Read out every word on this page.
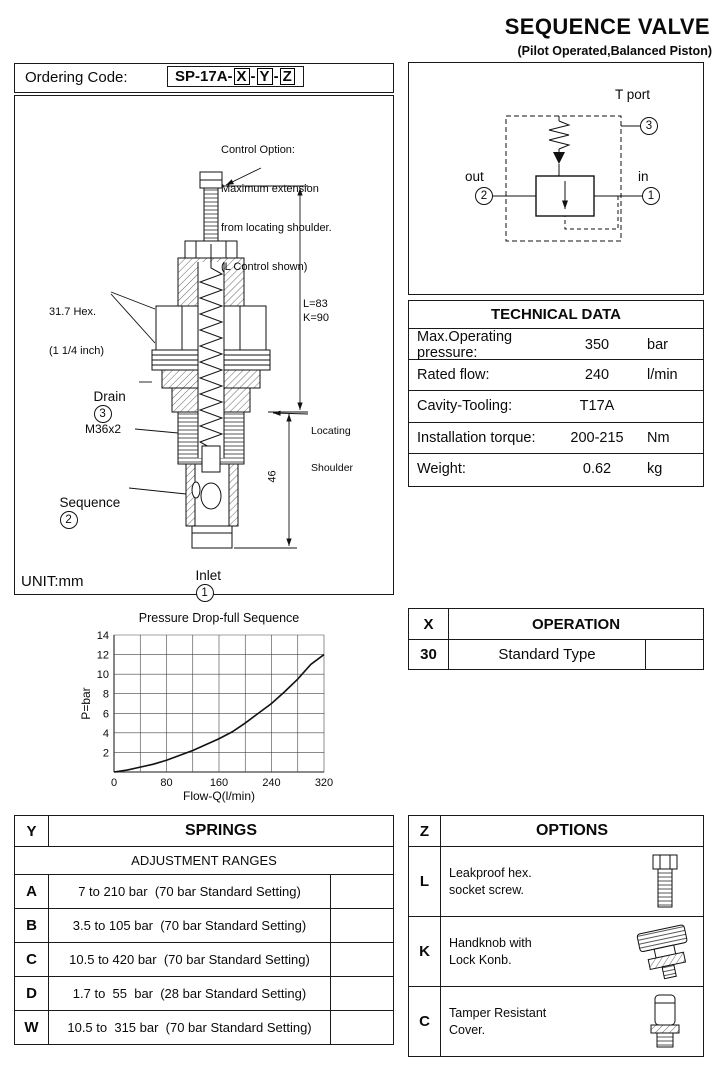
SEQUENCE VALVE
(Pilot Operated,Balanced Piston)
Ordering Code:	SP-17A- X - Y - Z

Control Option:

Maximum extension

from locating shoulder.

(L Control shown)

31.7 Hex.

(1 1/4 inch)

Drain
3

M36x2

Sequence
2

Inlet
1

L=83
K=90

Locating

Shoulder

46
UNIT:mm
T port
3
out
2
in
1
TECHNICAL DATA
Max.Operating pressure:	350	bar
Rated flow:	240	l/min
Cavity-Tooling:	T17A
Installation torque:	200-215	Nm
Weight:	0.62	kg
0	80	160	240	320
2
4
6
8
10
12
14
Pressure Drop-full Sequence
Flow-Q(l/min)
P=bar
X	OPERATION
30	Standard Type
Y	SPRINGS
ADJUSTMENT RANGES
A	7 to 210 bar  (70 bar Standard Setting)
B	3.5 to 105 bar  (70 bar Standard Setting)
C	10.5 to 420 bar  (70 bar Standard Setting)
D	1.7 to  55  bar  (28 bar Standard Setting)
W	10.5 to  315 bar  (70 bar Standard Setting)
Z	OPTIONS
L	Leakproof hex.
socket screw.
K	Handknob with
Lock Konb.
C	Tamper Resistant
Cover.
